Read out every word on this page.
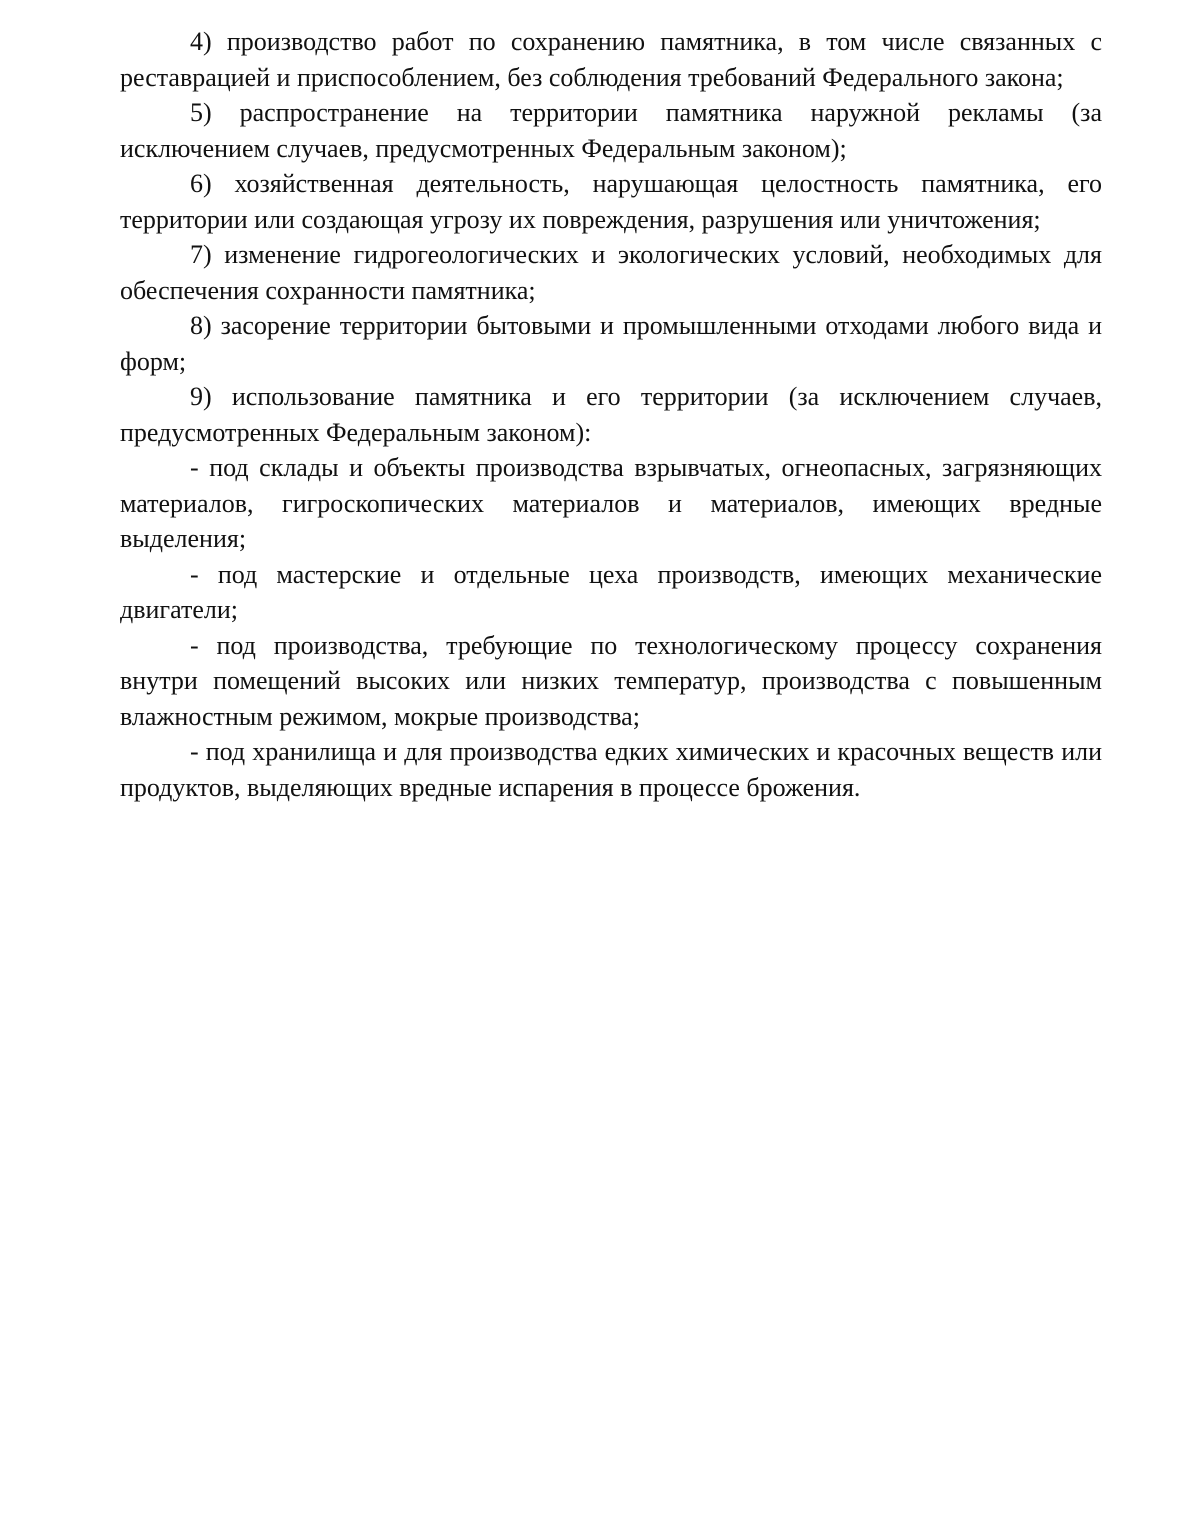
4) производство работ по сохранению памятника, в том числе связанных с реставрацией и приспособлением, без соблюдения требований Федерального закона;

5) распространение на территории памятника наружной рекламы (за исключением случаев, предусмотренных Федеральным законом);

6) хозяйственная деятельность, нарушающая целостность памятника, его территории или создающая угрозу их повреждения, разрушения или уничтожения;

7) изменение гидрогеологических и экологических условий, необходимых для обеспечения сохранности памятника;

8) засорение территории бытовыми и промышленными отходами любого вида и форм;

9) использование памятника и его территории (за исключением случаев, предусмотренных Федеральным законом):

- под склады и объекты производства взрывчатых, огнеопасных, загрязняющих материалов, гигроскопических материалов и материалов, имеющих вредные выделения;

- под мастерские и отдельные цеха производств, имеющих механические двигатели;

- под производства, требующие по технологическому процессу сохранения внутри помещений высоких или низких температур, производства с повышенным влажностным режимом, мокрые производства;

- под хранилища и для производства едких химических и красочных веществ или продуктов, выделяющих вредные испарения в процессе брожения.
